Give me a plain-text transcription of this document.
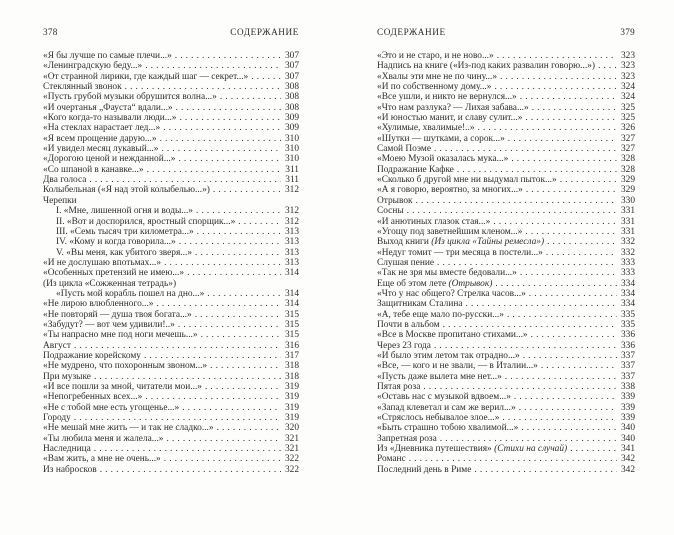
378	СОДЕРЖАНИЕ
«Я бы лучше по самые плечи...» .....	307
«Ленинградскую беду...» .....	307
«От странной лирики, где каждый шаг — секрет...» .....	307
Стеклянный звонок .....	308
«Пусть грубой музыки обрушится волна...» .....	308
«И очертанья „Фауста“ вдали...» .....	308
«Кого когда-то называли люди...» .....	309
«На стеклах нарастает лед...» .....	309
«Я всем прощение дарую...» .....	310
«И увидел месяц лукавый...» .....	310
«Дорогою ценой и нежданной...» .....	310
«Со шпаной в канавке...» .....	311
Два голоса .....	311
Колыбельная («Я над этой колыбелью...») .....	312
Черепки
I. «Мне, лишенной огня и воды...» .....	312
II. «Вот и доспорился, яростный спорщик...» .....	312
III. «Семь тысяч три километра...» .....	313
IV. «Кому и когда говорила...» .....	313
V. «Вы меня, как убитого зверя...» .....	313
«И не дослушаю впотьмах...» .....	313
«Особенных претензий не имею...» .....	314
(Из цикла «Сожженная тетрадь»)
«Пусть мой корабль пошел на дно...» .....	314
«Не лирою влюбленного...» .....	314
«Не повторяй — душа твоя богата...» .....	315
«Забудут? — вот чем удивили!..» .....	315
«Ты напрасно мне под ноги мечешь...» .....	315
Август .....	316
Подражание корейскому .....	317
«Не мудрено, что похоронным звоном...» .....	318
При музыке .....	318
«И все пошли за мной, читатели мои...» .....	319
«Непогребенных всех...» .....	319
«Не с тобой мне есть угощенье...» .....	319
Городу .....	319
«Не мешай мне жить — и так не сладко...» .....	320
«Ты любила меня и жалела...» .....	321
Наследница .....	321
«Вам жить, а мне не очень...» .....	322
Из набросков .....	322
СОДЕРЖАНИЕ	379
«Это и не старо, и не ново...» .....	323
Надпись на книге («Из-под каких развалин говорю...») .....	323
«Хвалы эти мне не по чину...» .....	323
«И по собственному дому...» .....	324
«Все ушли, и никто не вернулся...» .....	324
«Что нам разлука? — Лихая забава...» .....	325
«И юностью манит, и славу сулит...» .....	325
«Хулимые, хвалимые!..» .....	326
«Шутки — шутками, а сорок...» .....	327
Самой Поэме .....	327
«Моею Музой оказалась мука...» .....	328
Подражание Кафке .....	328
«Сколько б другой мне ни выдумал пыток...» .....	329
«А я говорю, вероятно, за многих...» .....	329
Отрывок .....	330
Сосны .....	331
«И анютиных глазок стая...» .....	331
«Угощу под заветнейшим кленом...» .....	331
Выход книги (Из цикла «Тайны ремесла») .....	332
«Недуг томит — три месяца в постели...» .....	332
Слушая пение .....	333
«Так не зря мы вместе бедовали...» .....	333
Еще об этом лете (Отрывок) .....	334
«Что у нас общего? Стрелка часов...» .....	334
Защитникам Сталина .....	334
«А, тебе еще мало по-русски...» .....	335
Почти в альбом .....	335
«Все в Москве пропитано стихами...» .....	336
Через 23 года .....	336
«И было этим летом так отрадно...» .....	337
«Все, — кого и не звали, — в Италии...» .....	337
«Пусть даже вылета мне нет...» .....	337
Пятая роза .....	338
«Оставь нас с музыкой вдвоем...» .....	339
«Запад клеветал и сам же верил...» .....	339
«Стряслось небывалое злое...» .....	339
«Быть страшно тобою хвалимой...» .....	340
Запретная роза .....	340
Из «Дневника путешествия» (Стихи на случай) .....	341
Романс .....	342
Последний день в Риме .....	342
